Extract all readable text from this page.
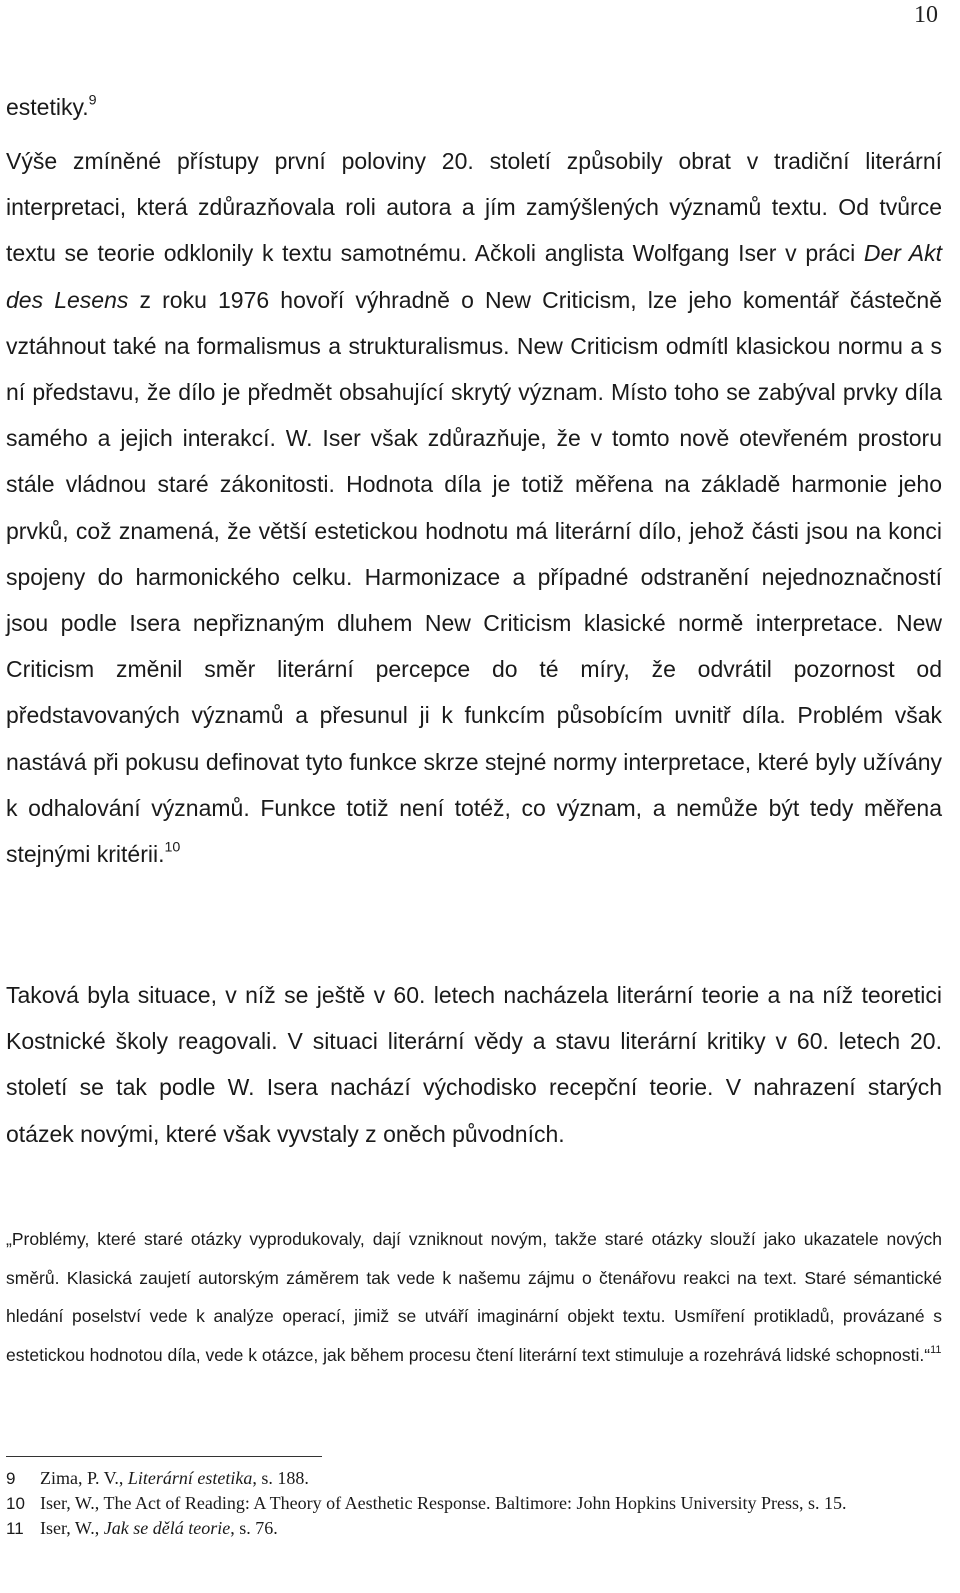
10

estetiky.$^9$

Výše zmíněné přístupy první poloviny 20. století způsobily obrat v tradiční literární interpretaci, která zdůrazňovala roli autora a jím zamýšlených významů textu. Od tvůrce textu se teorie odklonily k textu samotnému. Ačkoli anglista Wolfgang Iser v práci Der Akt des Lesens z roku 1976 hovoří výhradně o New Criticism, lze jeho komentář částečně vztáhnout také na formalismus a strukturalismus. New Criticism odmítl klasickou normu a s ní představu, že dílo je předmět obsahující skrytý význam. Místo toho se zabýval prvky díla samého a jejich interakcí. W. Iser však zdůrazňuje, že v tomto nově otevřeném prostoru stále vládnou staré zákonitosti. Hodnota díla je totiž měřena na základě harmonie jeho prvků, což znamená, že větší estetickou hodnotu má literární dílo, jehož části jsou na konci spojeny do harmonického celku. Harmonizace a případné odstranění nejednoznačností jsou podle Isera nepřiznaným dluhem New Criticism klasické normě interpretace. New Criticism změnil směr literární percepce do té míry, že odvrátil pozornost od představovaných významů a přesunul ji k funkcím působícím uvnitř díla. Problém však nastává při pokusu definovat tyto funkce skrze stejné normy interpretace, které byly užívány k odhalování významů. Funkce totiž není totéž, co význam, a nemůže být tedy měřena stejnými kritérii.$^{10}$

Taková byla situace, v níž se ještě v 60. letech nacházela literární teorie a na níž teoretici Kostnické školy reagovali. V situaci literární vědy a stavu literární kritiky v 60. letech 20. století se tak podle W. Isera nachází východisko recepční teorie. V nahrazení starých otázek novými, které však vyvstaly z oněch původních.

„Problémy, které staré otázky vyprodukovaly, dají vzniknout novým, takže staré otázky slouží jako ukazatele nových směrů. Klasická zaujetí autorským záměrem tak vede k našemu zájmu o čtenářovu reakci na text. Staré sémantické hledání poselství vede k analýze operací, jimiž se utváří imaginární objekt textu. Usmíření protikladů, provázané s estetickou hodnotou díla, vede k otázce, jak během procesu čtení literární text stimuluje a rozehrává lidské schopnosti.“$^{11}$

9	Zima, P. V., Literární estetika, s. 188.
10 Iser, W., The Act of Reading: A Theory of Aesthetic Response. Baltimore: John Hopkins University Press, s. 15.
11 Iser, W., Jak se dělá teorie, s. 76.
